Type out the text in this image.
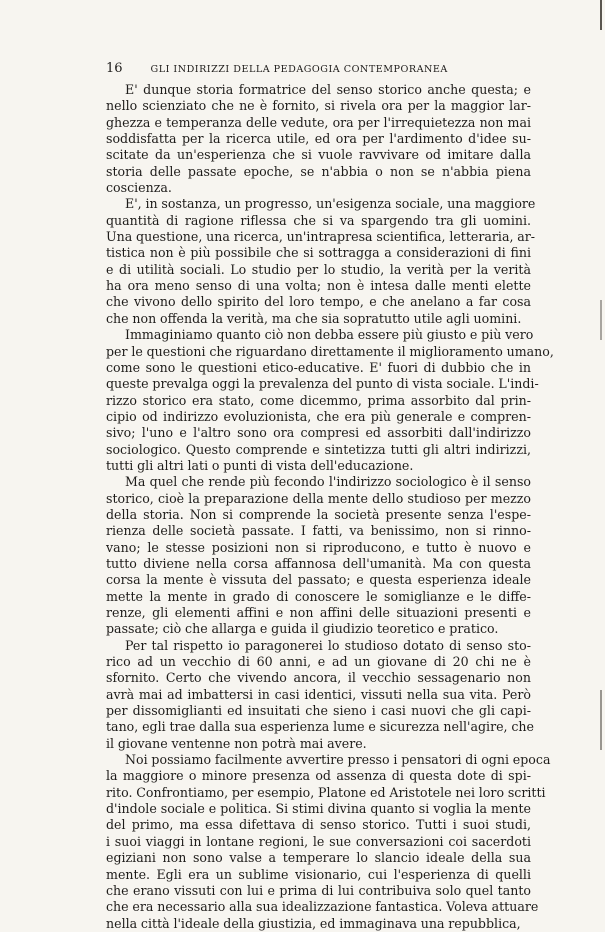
16	GLI INDIRIZZI DELLA PEDAGOGIA CONTEMPORANEA

E' dunque storia formatrice del senso storico anche questa; e
nello scienziato che ne è fornito, si rivela ora per la maggior lar-
ghezza e temperanza delle vedute, ora per l'irrequietezza non mai
soddisfatta per la ricerca utile, ed ora per l'ardimento d'idee su-
scitate da un'esperienza che si vuole ravvivare od imitare dalla
storia delle passate epoche, se n'abbia o non se n'abbia piena
coscienza.

E', in sostanza, un progresso, un'esigenza sociale, una maggiore
quantità di ragione riflessa che si va spargendo tra gli uomini.
Una questione, una ricerca, un'intrapresa scientifica, letteraria, ar-
tistica non è più possibile che si sottragga a considerazioni di fini
e di utilità sociali. Lo studio per lo studio, la verità per la verità
ha ora meno senso di una volta; non è intesa dalle menti elette
che vivono dello spirito del loro tempo, e che anelano a far cosa
che non offenda la verità, ma che sia sopratutto utile agli uomini.

Immaginiamo quanto ciò non debba essere più giusto e più vero
per le questioni che riguardano direttamente il miglioramento umano,
come sono le questioni etico-educative. E' fuori di dubbio che in
queste prevalga oggi la prevalenza del punto di vista sociale. L'indi-
rizzo storico era stato, come dicemmo, prima assorbito dal prin-
cipio od indirizzo evoluzionista, che era più generale e compren-
sivo; l'uno e l'altro sono ora compresi ed assorbiti dall'indirizzo
sociologico. Questo comprende e sintetizza tutti gli altri indirizzi,
tutti gli altri lati o punti di vista dell'educazione.

Ma quel che rende più fecondo l'indirizzo sociologico è il senso
storico, cioè la preparazione della mente dello studioso per mezzo
della storia. Non si comprende la società presente senza l'espe-
rienza delle società passate. I fatti, va benissimo, non si rinno-
vano; le stesse posizioni non si riproducono, e tutto è nuovo e
tutto diviene nella corsa affannosa dell'umanità. Ma con questa
corsa la mente è vissuta del passato; e questa esperienza ideale
mette la mente in grado di conoscere le somiglianze e le diffe-
renze, gli elementi affini e non affini delle situazioni presenti e
passate; ciò che allarga e guida il giudizio teoretico e pratico.

Per tal rispetto io paragonerei lo studioso dotato di senso sto-
rico ad un vecchio di 60 anni, e ad un giovane di 20 chi ne è
sfornito. Certo che vivendo ancora, il vecchio sessagenario non
avrà mai ad imbattersi in casi identici, vissuti nella sua vita. Però
per dissomiglianti ed insuitati che sieno i casi nuovi che gli capi-
tano, egli trae dalla sua esperienza lume e sicurezza nell'agire, che
il giovane ventenne non potrà mai avere.

Noi possiamo facilmente avvertire presso i pensatori di ogni epoca
la maggiore o minore presenza od assenza di questa dote di spi-
rito. Confrontiamo, per esempio, Platone ed Aristotele nei loro scritti
d'indole sociale e politica. Si stimi divina quanto si voglia la mente
del primo, ma essa difettava di senso storico. Tutti i suoi studi,
i suoi viaggi in lontane regioni, le sue conversazioni coi sacerdoti
egiziani non sono valse a temperare lo slancio ideale della sua
mente. Egli era un sublime visionario, cui l'esperienza di quelli
che erano vissuti con lui e prima di lui contribuiva solo quel tanto
che era necessario alla sua idealizzazione fantastica. Voleva attuare
nella città l'ideale della giustizia, ed immaginava una repubblica,
